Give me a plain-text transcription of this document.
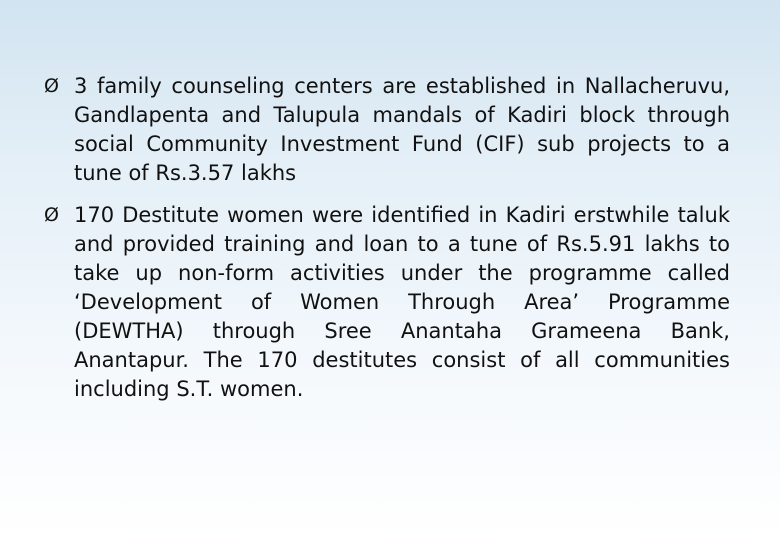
Ø 3 family counseling centers are established in Nallacheruvu, Gandlapenta and Talupula mandals of Kadiri block through social Community Investment Fund (CIF) sub projects to a tune of Rs.3.57 lakhs
Ø 170 Destitute women were identified in Kadiri erstwhile taluk and provided training and loan to a tune of Rs.5.91 lakhs to take up non-form activities under the programme called ‘Development of Women Through Area’ Programme (DEWTHA) through Sree Anantaha Grameena Bank, Anantapur. The 170 destitutes consist of all communities including S.T. women.
